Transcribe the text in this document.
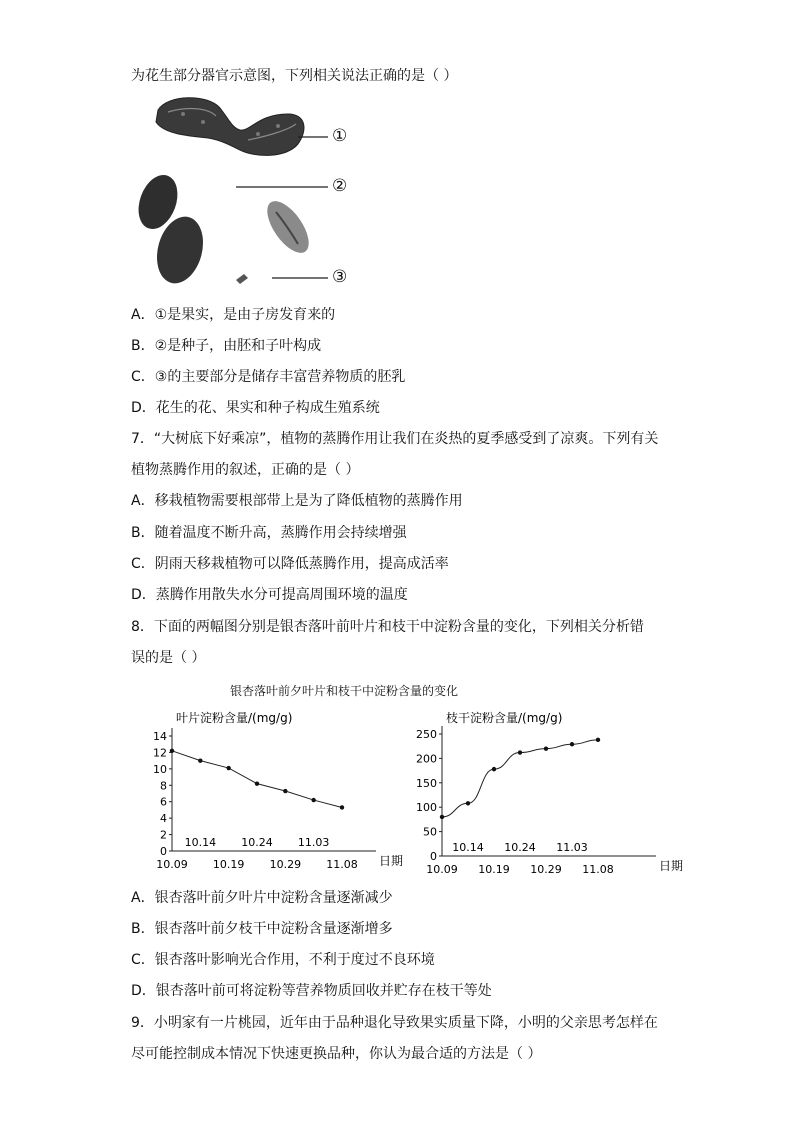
为花生部分器官示意图，下列相关说法正确的是（ ）
①
②
③
A．①是果实，是由子房发育来的
B．②是种子，由胚和子叶构成
C．③的主要部分是储存丰富营养物质的胚乳
D．花生的花、果实和种子构成生殖系统
7．“大树底下好乘凉”，植物的蒸腾作用让我们在炎热的夏季感受到了凉爽。下列有关
植物蒸腾作用的叙述，正确的是（ ）
A．移栽植物需要根部带上是为了降低植物的蒸腾作用
B．随着温度不断升高，蒸腾作用会持续增强
C．阴雨天移栽植物可以降低蒸腾作用，提高成活率
D．蒸腾作用散失水分可提高周围环境的温度
8．下面的两幅图分别是银杏落叶前叶片和枝干中淀粉含量的变化，下列相关分析错
误的是（ ）
银杏落叶前夕叶片和枝干中淀粉含量的变化
叶片淀粉含量/(mg/g)
日期
0
2
4
6
8
10
12
14
10.09 10.19 10.29 11.08
10.14 10.24 11.03
枝干淀粉含量/(mg/g)
日期
0
50
100
150
200
250
10.09 10.19 10.29 11.08
10.14 10.24 11.03
A．银杏落叶前夕叶片中淀粉含量逐渐减少
B．银杏落叶前夕枝干中淀粉含量逐渐增多
C．银杏落叶影响光合作用，不利于度过不良环境
D．银杏落叶前可将淀粉等营养物质回收并贮存在枝干等处
9．小明家有一片桃园，近年由于品种退化导致果实质量下降，小明的父亲思考怎样在
尽可能控制成本情况下快速更换品种，你认为最合适的方法是（ ）
